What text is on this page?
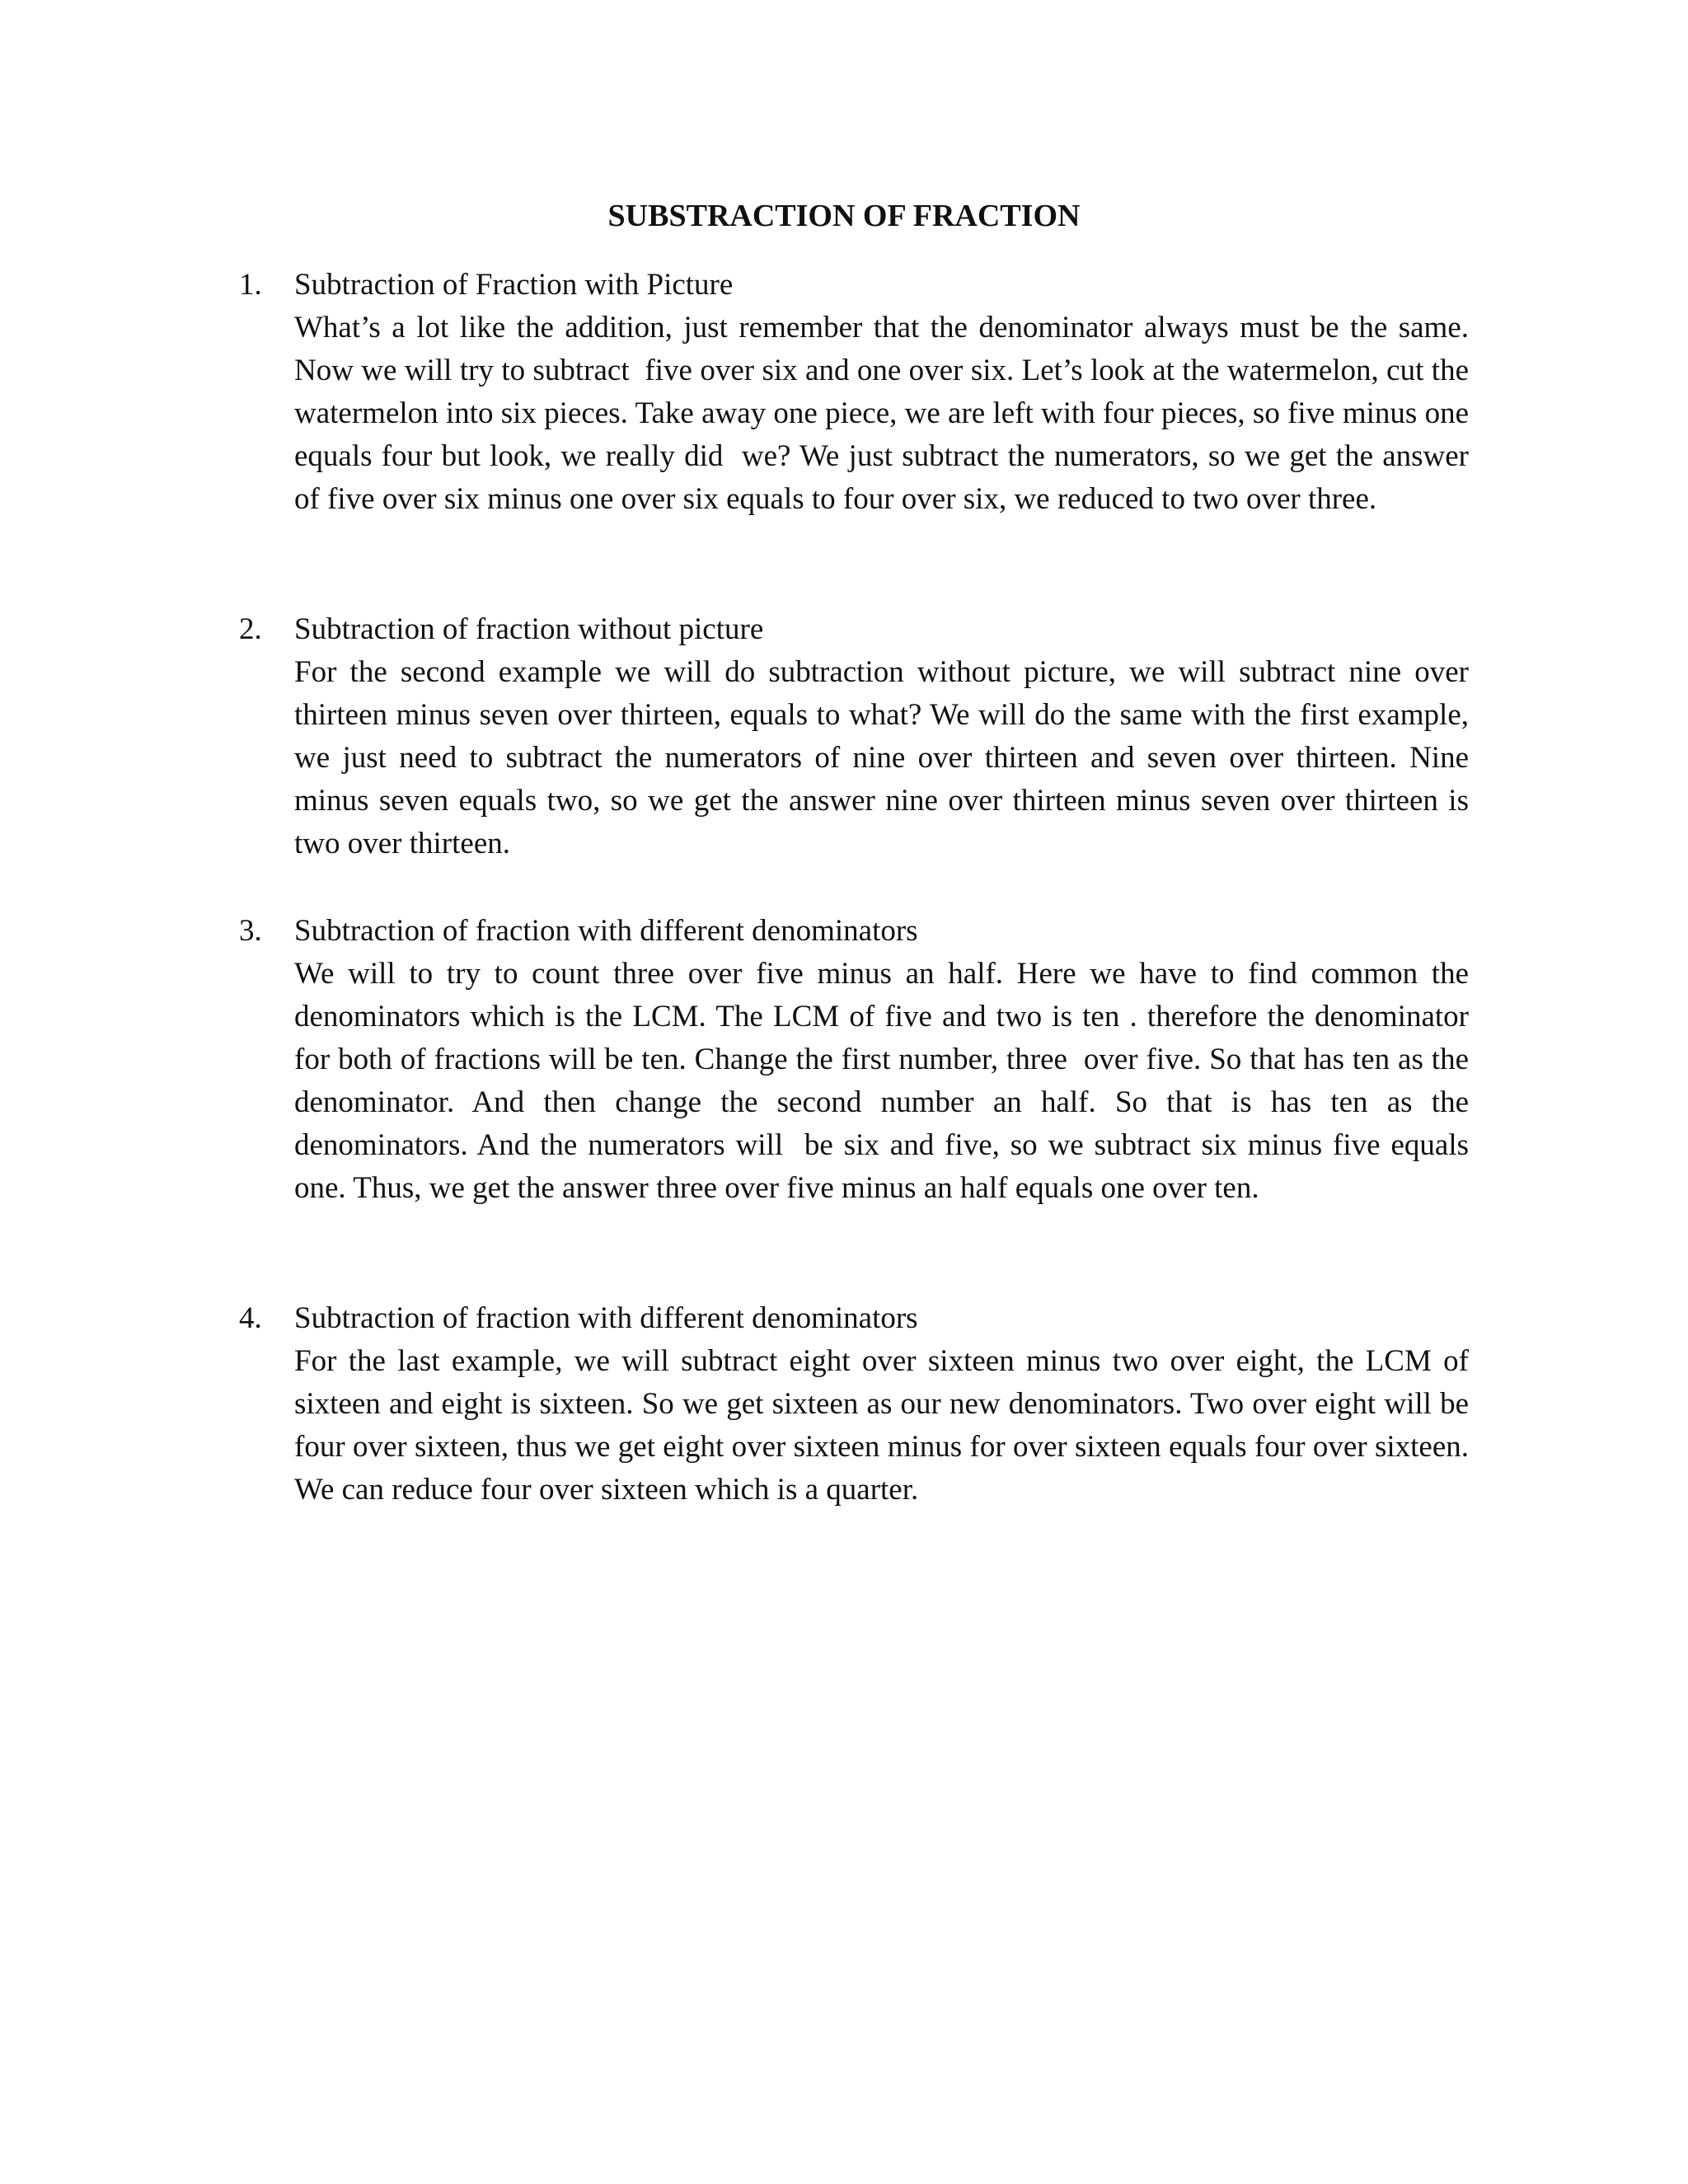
SUBSTRACTION OF FRACTION
1.	Subtraction of Fraction with Picture
What’s a lot like the addition, just remember that the denominator always must be the same. Now we will try to subtract  five over six and one over six. Let’s look at the watermelon, cut the watermelon into six pieces. Take away one piece, we are left with four pieces, so five minus one equals four but look, we really did  we? We just subtract the numerators, so we get the answer of five over six minus one over six equals to four over six, we reduced to two over three.
2.	Subtraction of fraction without picture
For the second example we will do subtraction without picture, we will subtract nine over thirteen minus seven over thirteen, equals to what? We will do the same with the first example, we just need to subtract the numerators of nine over thirteen and seven over thirteen. Nine minus seven equals two, so we get the answer nine over thirteen minus seven over thirteen is two over thirteen.
3.	Subtraction of fraction with different denominators
We will to try to count three over five minus an half. Here we have to find common the denominators which is the LCM. The LCM of five and two is ten . therefore the denominator for both of fractions will be ten. Change the first number, three  over five. So that has ten as the denominator. And then change the second number an half. So that is has ten as the denominators. And the numerators will  be six and five, so we subtract six minus five equals one. Thus, we get the answer three over five minus an half equals one over ten.
4.	Subtraction of fraction with different denominators
For the last example, we will subtract eight over sixteen minus two over eight, the LCM of sixteen and eight is sixteen. So we get sixteen as our new denominators. Two over eight will be four over sixteen, thus we get eight over sixteen minus for over sixteen equals four over sixteen. We can reduce four over sixteen which is a quarter.
